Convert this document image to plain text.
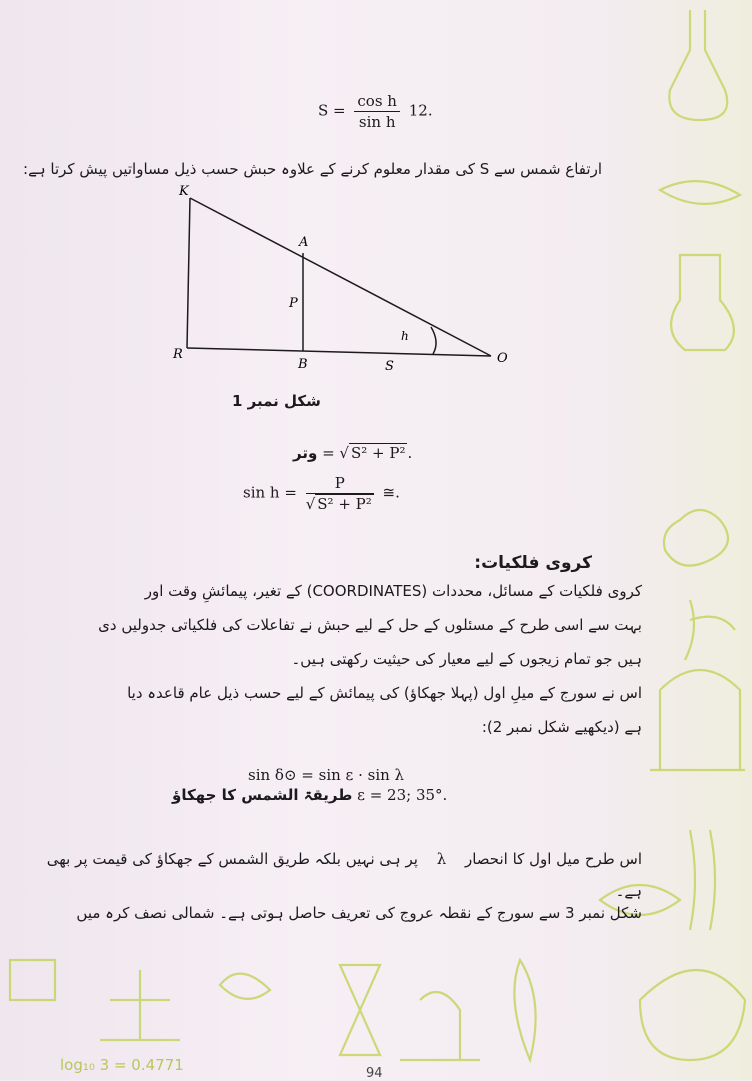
log₁₀ 3 = 0.4771
$S = \frac{\text{cos h}}{\text{sin h}} 12$.
ارتفاع شمس سے S کی مقدار معلوم کرنے کے علاوہ حبش حسب ذیل مساواتیں پیش کرتا ہے:
K
A
P
h
R
B	S
O
شکل نمبر 1
وتر = √ S² + P² .
$\sin h = \frac{P}{\text{√ S² + P²}}$ ≅.
کروی فلکیات:
کروی فلکیات کے مسائل، محددات (COORDINATES) کے تغیر، پیمائشِ وقت اور
بہت سے اسی طرح کے مسئلوں کے حل کے لیے حبش نے تفاعلات کی فلکیاتی جدولیں دی
ہیں جو تمام زیجوں کے لیے معیار کی حیثیت رکھتی ہیں۔
اس نے سورج کے میلِ اول (پہلا جھکاؤ) کی پیمائش کے لیے حسب ذیل عام قاعدہ دیا
ہے (دیکھیے شکل نمبر 2):
sin δ⊙ = sin ε · sin λ
طریقۃ الشمس کا جھکاؤ ε = 23; 35°.
اس طرح میل اول کا انحصار λ پر ہی نہیں بلکہ طریق الشمس کے جھکاؤ کی قیمت پر بھی
ہے۔
شکل نمبر 3 سے سورج کے نقطہ عروج کی تعریف حاصل ہوتی ہے۔ شمالی نصف کرہ میں
94
